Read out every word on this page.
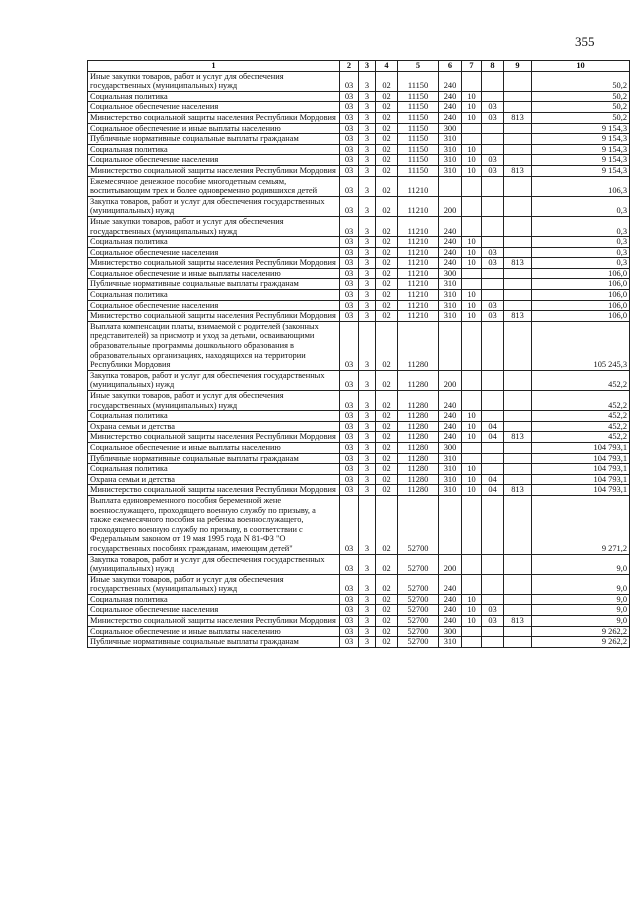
355
1	2	3	4	5	6	7	8	9	10
Иные закупки товаров, работ и услуг для обеспечения государственных (муниципальных) нужд	03	3	02	11150	240				50,2
Социальная политика	03	3	02	11150	240	10			50,2
Социальное обеспечение населения	03	3	02	11150	240	10	03		50,2
Министерство социальной защиты населения Республики Мордовия	03	3	02	11150	240	10	03	813	50,2
Социальное обеспечение и иные выплаты населению	03	3	02	11150	300				9 154,3
Публичные нормативные социальные выплаты гражданам	03	3	02	11150	310				9 154,3
Социальная политика	03	3	02	11150	310	10			9 154,3
Социальное обеспечение населения	03	3	02	11150	310	10	03		9 154,3
Министерство социальной защиты населения Республики Мордовия	03	3	02	11150	310	10	03	813	9 154,3
Ежемесячное денежное пособие многодетным семьям, воспитывающим трех и более одновременно родившихся детей	03	3	02	11210					106,3
Закупка товаров, работ и услуг для обеспечения государственных (муниципальных) нужд	03	3	02	11210	200				0,3
Иные закупки товаров, работ и услуг для обеспечения государственных (муниципальных) нужд	03	3	02	11210	240				0,3
Социальная политика	03	3	02	11210	240	10			0,3
Социальное обеспечение населения	03	3	02	11210	240	10	03		0,3
Министерство социальной защиты населения Республики Мордовия	03	3	02	11210	240	10	03	813	0,3
Социальное обеспечение и иные выплаты населению	03	3	02	11210	300				106,0
Публичные нормативные социальные выплаты гражданам	03	3	02	11210	310				106,0
Социальная политика	03	3	02	11210	310	10			106,0
Социальное обеспечение населения	03	3	02	11210	310	10	03		106,0
Министерство социальной защиты населения Республики Мордовия	03	3	02	11210	310	10	03	813	106,0
Выплата компенсации платы, взимаемой с родителей (законных представителей) за присмотр и уход за детьми, осваивающими образовательные программы дошкольного образования в образовательных организациях, находящихся на территории Республики Мордовия	03	3	02	11280					105 245,3
Закупка товаров, работ и услуг для обеспечения государственных (муниципальных) нужд	03	3	02	11280	200				452,2
Иные закупки товаров, работ и услуг для обеспечения государственных (муниципальных) нужд	03	3	02	11280	240				452,2
Социальная политика	03	3	02	11280	240	10			452,2
Охрана семьи и детства	03	3	02	11280	240	10	04		452,2
Министерство социальной защиты населения Республики Мордовия	03	3	02	11280	240	10	04	813	452,2
Социальное обеспечение и иные выплаты населению	03	3	02	11280	300				104 793,1
Публичные нормативные социальные выплаты гражданам	03	3	02	11280	310				104 793,1
Социальная политика	03	3	02	11280	310	10			104 793,1
Охрана семьи и детства	03	3	02	11280	310	10	04		104 793,1
Министерство социальной защиты населения Республики Мордовия	03	3	02	11280	310	10	04	813	104 793,1
Выплата единовременного пособия беременной жене военнослужащего, проходящего военную службу по призыву, а также ежемесячного пособия на ребенка военнослужащего, проходящего военную службу по призыву, в соответствии с Федеральным законом от 19 мая 1995 года N 81-ФЗ "О государственных пособиях гражданам, имеющим детей"	03	3	02	52700					9 271,2
Закупка товаров, работ и услуг для обеспечения государственных (муниципальных) нужд	03	3	02	52700	200				9,0
Иные закупки товаров, работ и услуг для обеспечения государственных (муниципальных) нужд	03	3	02	52700	240				9,0
Социальная политика	03	3	02	52700	240	10			9,0
Социальное обеспечение населения	03	3	02	52700	240	10	03		9,0
Министерство социальной защиты населения Республики Мордовия	03	3	02	52700	240	10	03	813	9,0
Социальное обеспечение и иные выплаты населению	03	3	02	52700	300				9 262,2
Публичные нормативные социальные выплаты гражданам	03	3	02	52700	310				9 262,2
